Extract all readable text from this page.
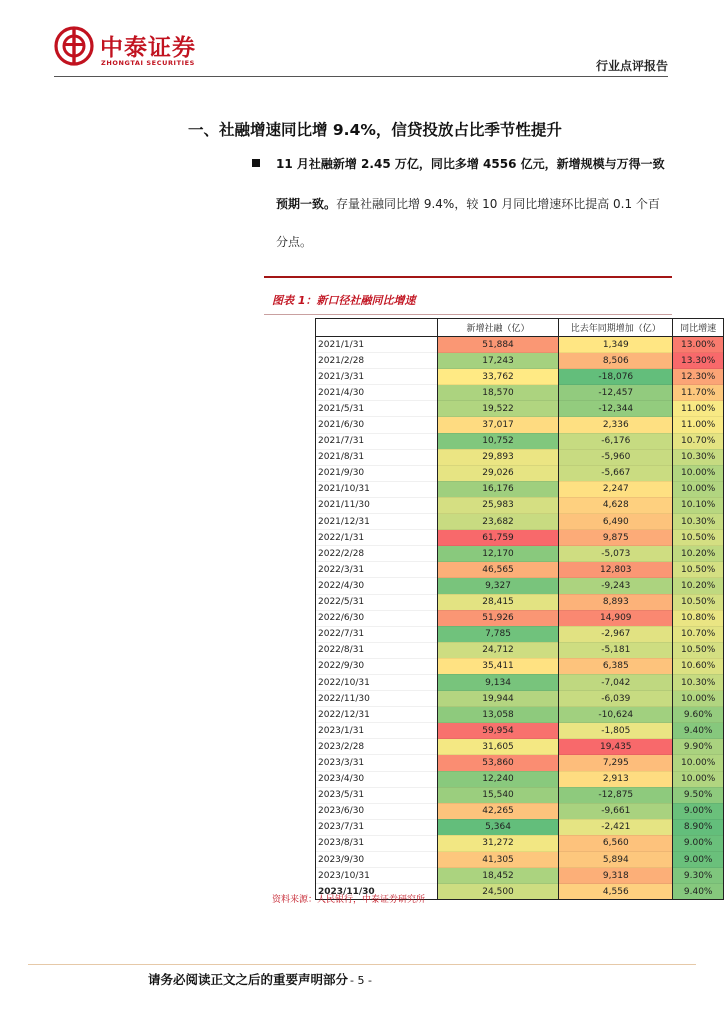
中泰证券
ZHONGTAI SECURITIES	行业点评报告
一、社融增速同比增 9.4%，信贷投放占比季节性提升
11 月社融新增 2.45 万亿，同比多增 4556 亿元，新增规模与万得一致
预期一致。存量社融同比增 9.4%，较 10 月同比增速环比提高 0.1 个百
分点。
图表 1：新口径社融同比增速
	新增社融（亿）	比去年同期增加（亿）	同比增速
2021/1/31	51,884	1,349	13.00%
2021/2/28	17,243	8,506	13.30%
2021/3/31	33,762	-18,076	12.30%
2021/4/30	18,570	-12,457	11.70%
2021/5/31	19,522	-12,344	11.00%
2021/6/30	37,017	2,336	11.00%
2021/7/31	10,752	-6,176	10.70%
2021/8/31	29,893	-5,960	10.30%
2021/9/30	29,026	-5,667	10.00%
2021/10/31	16,176	2,247	10.00%
2021/11/30	25,983	4,628	10.10%
2021/12/31	23,682	6,490	10.30%
2022/1/31	61,759	9,875	10.50%
2022/2/28	12,170	-5,073	10.20%
2022/3/31	46,565	12,803	10.50%
2022/4/30	9,327	-9,243	10.20%
2022/5/31	28,415	8,893	10.50%
2022/6/30	51,926	14,909	10.80%
2022/7/31	7,785	-2,967	10.70%
2022/8/31	24,712	-5,181	10.50%
2022/9/30	35,411	6,385	10.60%
2022/10/31	9,134	-7,042	10.30%
2022/11/30	19,944	-6,039	10.00%
2022/12/31	13,058	-10,624	9.60%
2023/1/31	59,954	-1,805	9.40%
2023/2/28	31,605	19,435	9.90%
2023/3/31	53,860	7,295	10.00%
2023/4/30	12,240	2,913	10.00%
2023/5/31	15,540	-12,875	9.50%
2023/6/30	42,265	-9,661	9.00%
2023/7/31	5,364	-2,421	8.90%
2023/8/31	31,272	6,560	9.00%
2023/9/30	41,305	5,894	9.00%
2023/10/31	18,452	9,318	9.30%
2023/11/30	24,500	4,556	9.40%
资料来源：人民银行，中泰证券研究所
请务必阅读正文之后的重要声明部分 - 5 -
